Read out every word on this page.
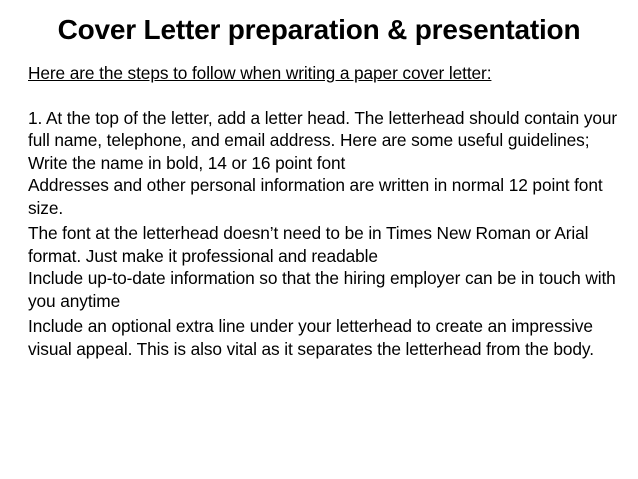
Cover Letter preparation & presentation

Here are the steps to follow when writing a paper cover letter:

1. At the top of the letter, add a letter head. The letterhead should contain your full name, telephone, and email address. Here are some useful guidelines;

Write the name in bold, 14 or 16 point font

Addresses and other personal information are written in normal 12 point font size.

The font at the letterhead doesn’t need to be in Times New Roman or Arial format. Just make it professional and readable

Include up-to-date information so that the hiring employer can be in touch with you anytime

Include an optional extra line under your letterhead to create an impressive visual appeal. This is also vital as it separates the letterhead from the body.
